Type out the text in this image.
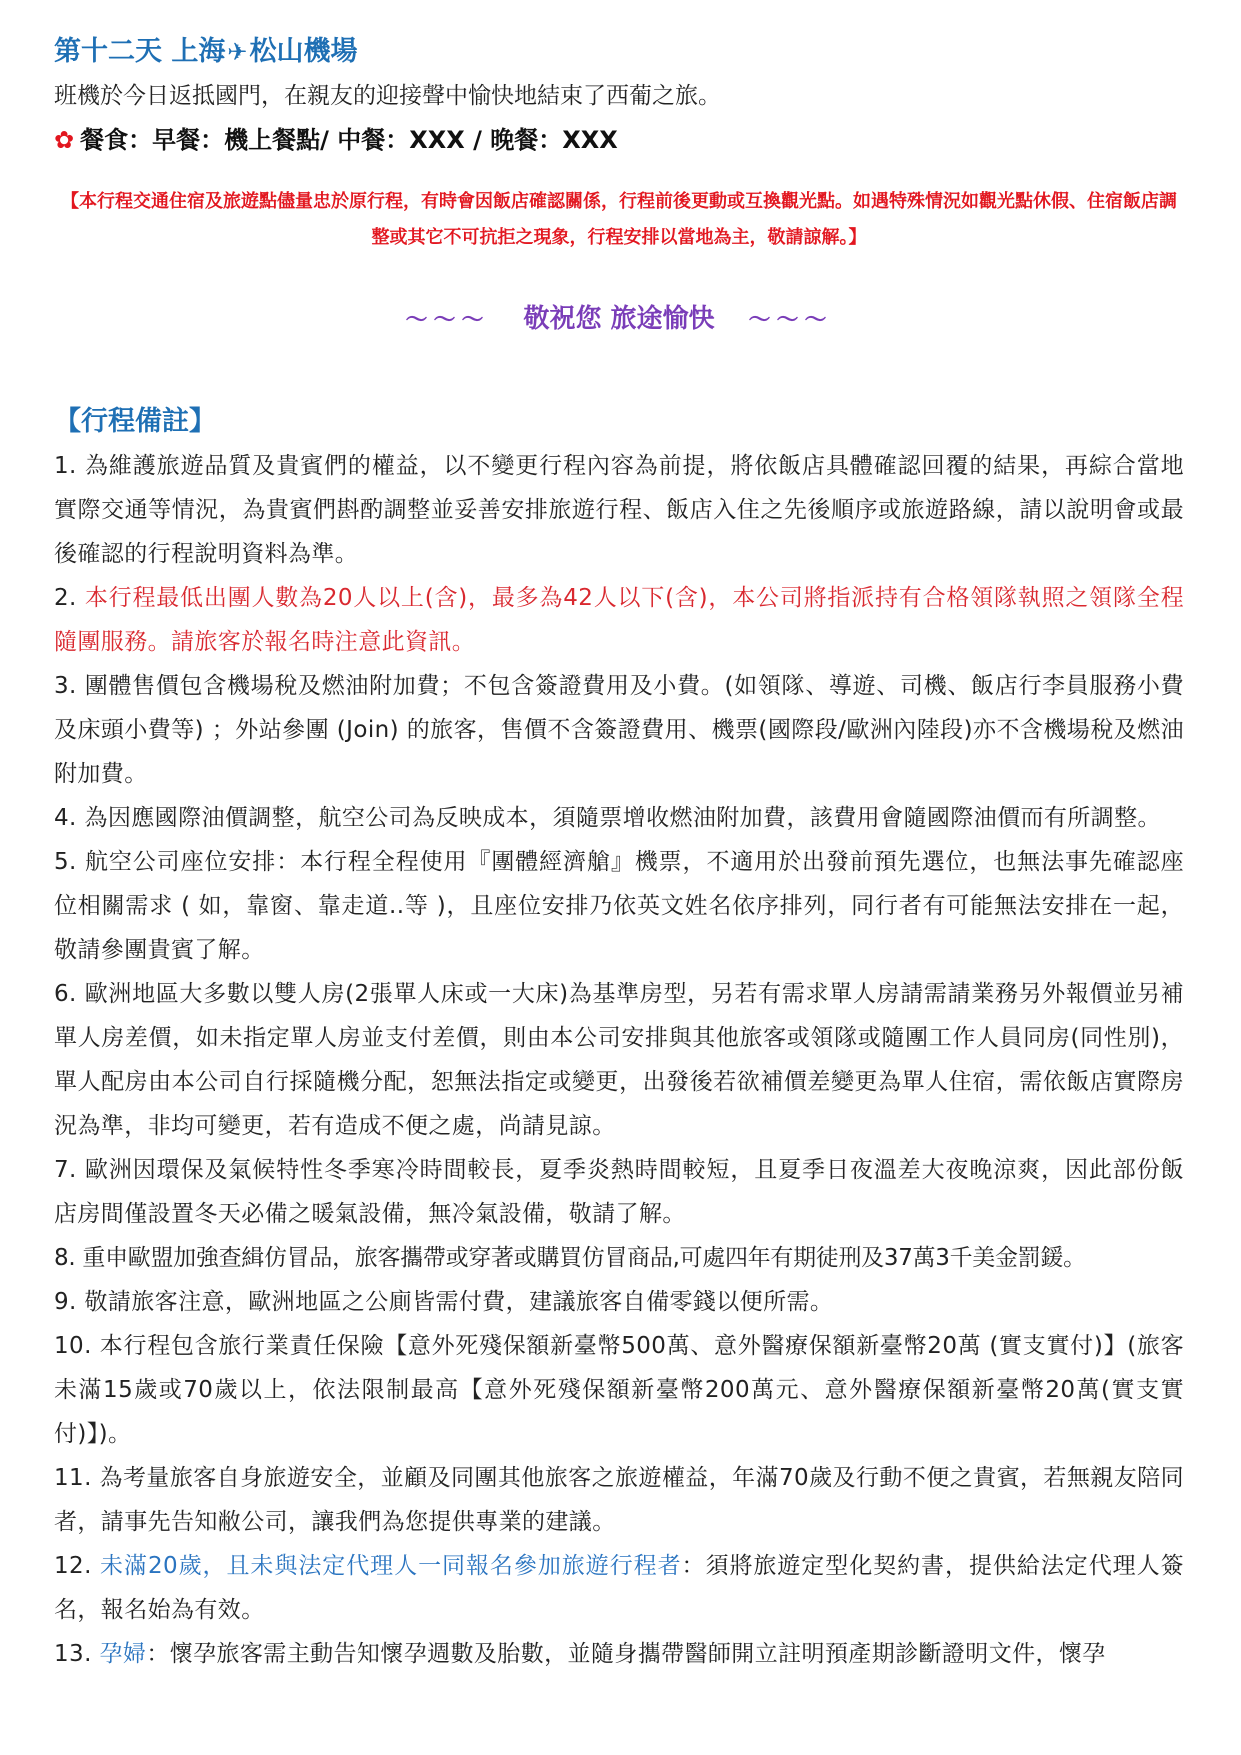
第十二天 上海✈松山機場

班機於今日返抵國門，在親友的迎接聲中愉快地結束了西葡之旅。

✿ 餐食：早餐：機上餐點/ 中餐：XXX / 晚餐：XXX
【本行程交通住宿及旅遊點儘量忠於原行程，有時會因飯店確認關係，行程前後更動或互換觀光點。如遇特殊情況如觀光點休假、住宿飯店調整或其它不可抗拒之現象，行程安排以當地為主，敬請諒解。】
～～～ 敬祝您 旅途愉快 ～～～
【行程備註】

1. 為維護旅遊品質及貴賓們的權益，以不變更行程內容為前提，將依飯店具體確認回覆的結果，再綜合當地實際交通等情況，為貴賓們斟酌調整並妥善安排旅遊行程、飯店入住之先後順序或旅遊路線，請以說明會或最後確認的行程說明資料為準。

2. 本行程最低出團人數為20人以上(含)，最多為42人以下(含)，本公司將指派持有合格領隊執照之領隊全程隨團服務。請旅客於報名時注意此資訊。

3. 團體售價包含機場稅及燃油附加費；不包含簽證費用及小費。(如領隊、導遊、司機、飯店行李員服務小費及床頭小費等) ；外站參團 (Join) 的旅客，售價不含簽證費用、機票(國際段/歐洲內陸段)亦不含機場稅及燃油附加費。

4. 為因應國際油價調整，航空公司為反映成本，須隨票增收燃油附加費，該費用會隨國際油價而有所調整。

5. 航空公司座位安排：本行程全程使用『團體經濟艙』機票，不適用於出發前預先選位，也無法事先確認座位相關需求 ( 如，靠窗、靠走道..等 )，且座位安排乃依英文姓名依序排列，同行者有可能無法安排在一起，敬請參團貴賓了解。

6. 歐洲地區大多數以雙人房(2張單人床或一大床)為基準房型，另若有需求單人房請需請業務另外報價並另補單人房差價，如未指定單人房並支付差價，則由本公司安排與其他旅客或領隊或隨團工作人員同房(同性別)，單人配房由本公司自行採隨機分配，恕無法指定或變更，出發後若欲補價差變更為單人住宿，需依飯店實際房況為準，非均可變更，若有造成不便之處，尚請見諒。

7. 歐洲因環保及氣候特性冬季寒冷時間較長，夏季炎熱時間較短，且夏季日夜溫差大夜晚涼爽，因此部份飯店房間僅設置冬天必備之暖氣設備，無冷氣設備，敬請了解。

8. 重申歐盟加強查緝仿冒品，旅客攜帶或穿著或購買仿冒商品,可處四年有期徒刑及37萬3千美金罰鍰。

9. 敬請旅客注意，歐洲地區之公廁皆需付費，建議旅客自備零錢以便所需。

10. 本行程包含旅行業責任保險【意外死殘保額新臺幣500萬、意外醫療保額新臺幣20萬 (實支實付)】(旅客未滿15歲或70歲以上，依法限制最高【意外死殘保額新臺幣200萬元、意外醫療保額新臺幣20萬(實支實付)】)。

11. 為考量旅客自身旅遊安全，並顧及同團其他旅客之旅遊權益，年滿70歲及行動不便之貴賓，若無親友陪同者，請事先告知敝公司，讓我們為您提供專業的建議。

12. 未滿20歲，且未與法定代理人一同報名參加旅遊行程者：須將旅遊定型化契約書，提供給法定代理人簽名，報名始為有效。

13. 孕婦：懷孕旅客需主動告知懷孕週數及胎數，並隨身攜帶醫師開立註明預產期診斷證明文件，懷孕
